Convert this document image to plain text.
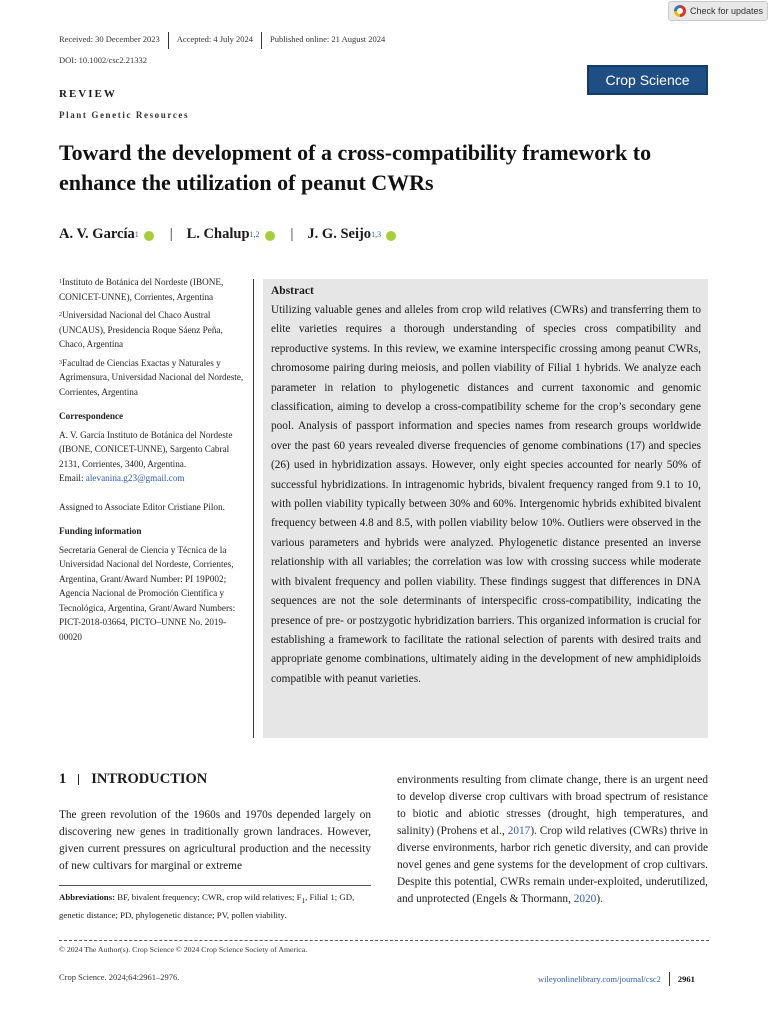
Check for updates
Received: 30 December 2023	Accepted: 4 July 2024	Published online: 21 August 2024
DOI: 10.1002/csc2.21332
Crop Science
REVIEW
Plant Genetic Resources
Toward the development of a cross-compatibility framework to enhance the utilization of peanut CWRs
A. V. García 1 | L. Chalup 1,2 | J. G. Seijo 1,3

$^1$Instituto de Botánica del Nordeste (IBONE, CONICET-UNNE), Corrientes, Argentina

$^2$Universidad Nacional del Chaco Austral (UNCAUS), Presidencia Roque Sáenz Peña, Chaco, Argentina

$^3$Facultad de Ciencias Exactas y Naturales y Agrimensura, Universidad Nacional del Nordeste, Corrientes, Argentina

Correspondence

A. V. García Instituto de Botánica del Nordeste (IBONE, CONICET-UNNE), Sargento Cabral 2131, Corrientes, 3400, Argentina.
Email: alevanina.g23@gmail.com

Assigned to Associate Editor Cristiane Pilon.

Funding information

Secretaría General de Ciencia y Técnica de la Universidad Nacional del Nordeste, Corrientes, Argentina, Grant/Award Number: PI 19P002; Agencia Nacional de Promoción Científica y Tecnológica, Argentina, Grant/Award Numbers: PICT-2018-03664, PICTO–UNNE No. 2019-00020

Abstract
Utilizing valuable genes and alleles from crop wild relatives (CWRs) and transferring them to elite varieties requires a thorough understanding of species cross compatibility and reproductive systems. In this review, we examine interspecific crossing among peanut CWRs, chromosome pairing during meiosis, and pollen viability of Filial 1 hybrids. We analyze each parameter in relation to phylogenetic distances and current taxonomic and genomic classification, aiming to develop a cross-compatibility scheme for the crop’s secondary gene pool. Analysis of passport information and species names from research groups worldwide over the past 60 years revealed diverse frequencies of genome combinations (17) and species (26) used in hybridization assays. However, only eight species accounted for nearly 50% of successful hybridizations. In intragenomic hybrids, bivalent frequency ranged from 9.1 to 10, with pollen viability typically between 30% and 60%. Intergenomic hybrids exhibited bivalent frequency between 4.8 and 8.5, with pollen viability below 10%. Outliers were observed in the various parameters and hybrids were analyzed. Phylogenetic distance presented an inverse relationship with all variables; the correlation was low with crossing success while moderate with bivalent frequency and pollen viability. These findings suggest that differences in DNA sequences are not the sole determinants of interspecific cross-compatibility, indicating the presence of pre- or postzygotic hybridization barriers. This organized information is crucial for establishing a framework to facilitate the rational selection of parents with desired traits and appropriate genome combinations, ultimately aiding in the development of new amphidiploids compatible with peanut varieties.
1 INTRODUCTION
The green revolution of the 1960s and 1970s depended largely on discovering new genes in traditionally grown landraces. However, given current pressures on agricultural production and the necessity of new cultivars for marginal or extreme
environments resulting from climate change, there is an urgent need to develop diverse crop cultivars with broad spectrum of resistance to biotic and abiotic stresses (drought, high temperatures, and salinity) (Prohens et al., 2017). Crop wild relatives (CWRs) thrive in diverse environments, harbor rich genetic diversity, and can provide novel genes and gene systems for the development of crop cultivars. Despite this potential, CWRs remain under-exploited, underutilized, and unprotected (Engels & Thormann, 2020).
Abbreviations: BF, bivalent frequency; CWR, crop wild relatives; $F_1$, Filial 1; GD, genetic distance; PD, phylogenetic distance; PV, pollen viability.
© 2024 The Author(s). Crop Science © 2024 Crop Science Society of America.
Crop Science. 2024;64:2961–2976.	wileyonlinelibrary.com/journal/csc2 2961
